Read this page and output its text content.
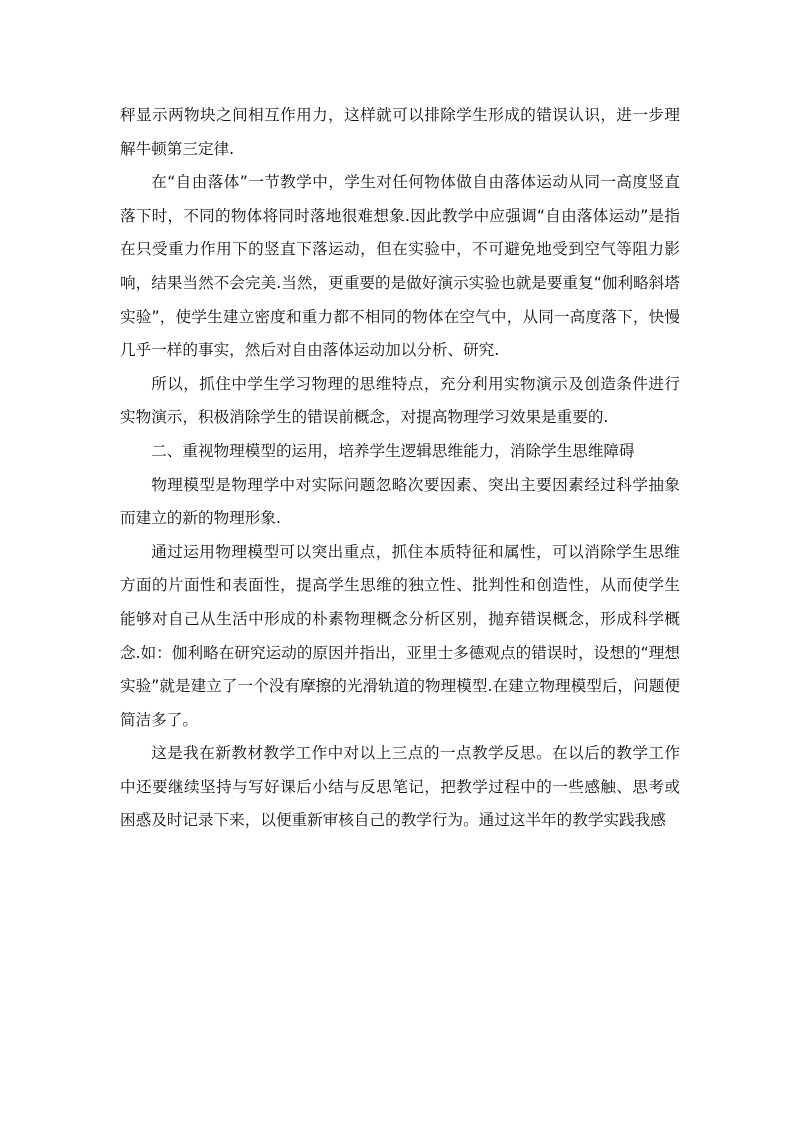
秤显示两物块之间相互作用力，这样就可以排除学生形成的错误认识，进一步理解牛顿第三定律.

在“自由落体”一节教学中，学生对任何物体做自由落体运动从同一高度竖直落下时，不同的物体将同时落地很难想象.因此教学中应强调“自由落体运动”是指在只受重力作用下的竖直下落运动，但在实验中，不可避免地受到空气等阻力影响，结果当然不会完美.当然，更重要的是做好演示实验也就是要重复“伽利略斜塔实验”，使学生建立密度和重力都不相同的物体在空气中，从同一高度落下，快慢几乎一样的事实，然后对自由落体运动加以分析、研究.

所以，抓住中学生学习物理的思维特点，充分利用实物演示及创造条件进行实物演示，积极消除学生的错误前概念，对提高物理学习效果是重要的.

二、重视物理模型的运用，培养学生逻辑思维能力，消除学生思维障碍

物理模型是物理学中对实际问题忽略次要因素、突出主要因素经过科学抽象而建立的新的物理形象.

通过运用物理模型可以突出重点，抓住本质特征和属性，可以消除学生思维方面的片面性和表面性，提高学生思维的独立性、批判性和创造性，从而使学生能够对自己从生活中形成的朴素物理概念分析区别，抛弃错误概念，形成科学概念.如：伽利略在研究运动的原因并指出，亚里士多德观点的错误时，设想的“理想实验”就是建立了一个没有摩擦的光滑轨道的物理模型.在建立物理模型后，问题便简洁多了。

这是我在新教材教学工作中对以上三点的一点教学反思。在以后的教学工作中还要继续坚持与写好课后小结与反思笔记，把教学过程中的一些感触、思考或困惑及时记录下来，以便重新审核自己的教学行为。通过这半年的教学实践我感
